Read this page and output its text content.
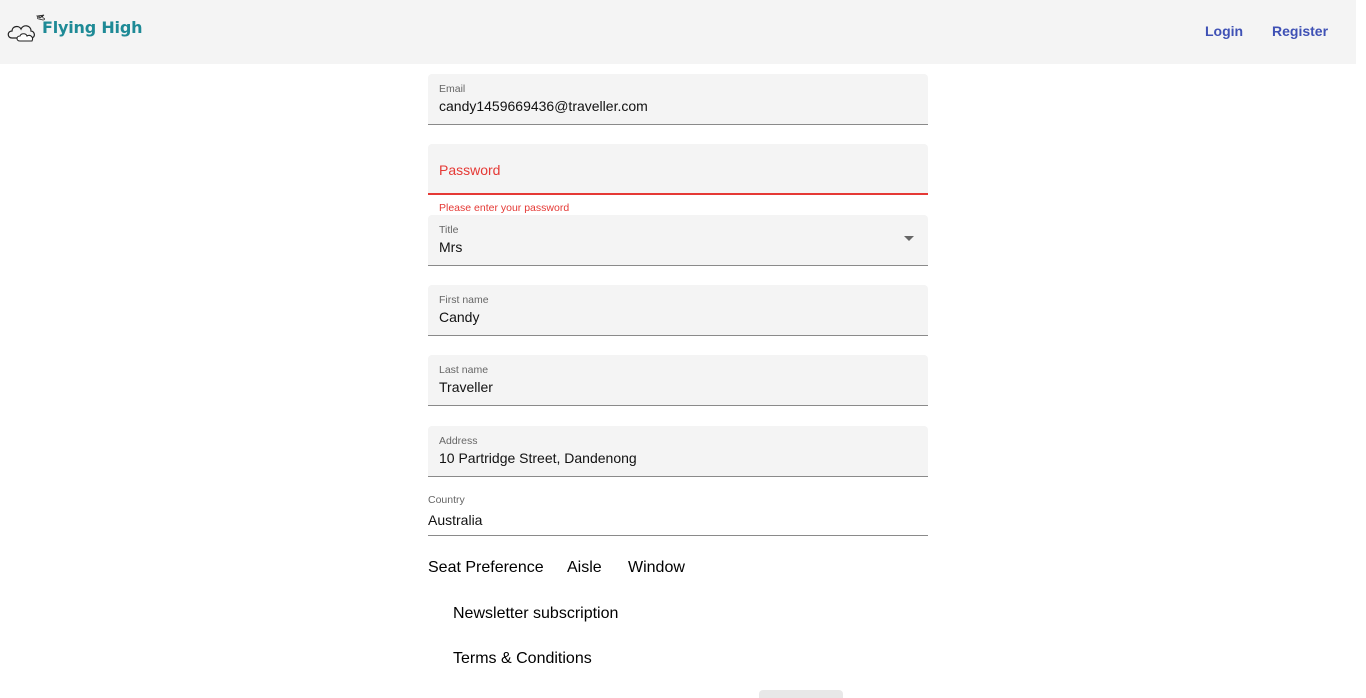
Flying High	Login Register
Email
candy1459669436@traveller.com
Password
Please enter your password
Title
Mrs
First name
Candy
Last name
Traveller
Address
10 Partridge Street, Dandenong
Country
Australia
Seat Preference Aisle Window
Newsletter subscription
Terms & Conditions
